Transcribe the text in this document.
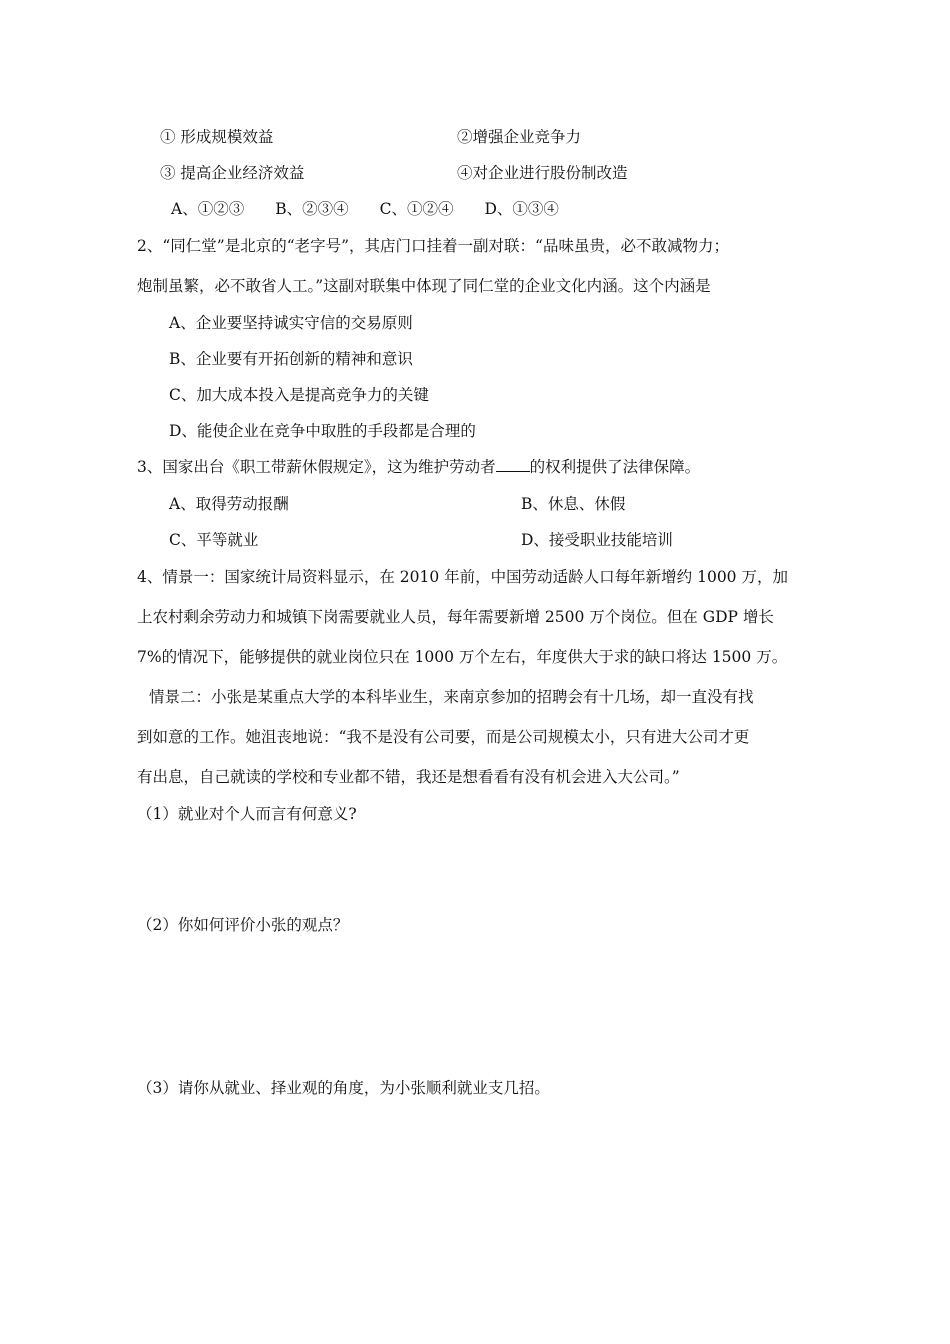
① 形成规模效益	②增强企业竞争力
③ 提高企业经济效益	④对企业进行股份制改造
A、①②③　　B、②③④　　C、①②④　　D、①③④
2、“同仁堂”是北京的“老字号”，其店门口挂着一副对联：“品味虽贵，必不敢减物力；
炮制虽繁，必不敢省人工。”这副对联集中体现了同仁堂的企业文化内涵。这个内涵是
A、企业要坚持诚实守信的交易原则
B、企业要有开拓创新的精神和意识
C、加大成本投入是提高竞争力的关键
D、能使企业在竞争中取胜的手段都是合理的
3、国家出台《职工带薪休假规定》，这为维护劳动者 的权利提供了法律保障。
A、取得劳动报酬	B、休息、休假
C、平等就业	D、接受职业技能培训
4、情景一：国家统计局资料显示，在 2010 年前，中国劳动适龄人口每年新增约 1000 万，加
上农村剩余劳动力和城镇下岗需要就业人员，每年需要新增 2500 万个岗位。但在 GDP 增长
7%的情况下，能够提供的就业岗位只在 1000 万个左右，年度供大于求的缺口将达 1500 万。
情景二：小张是某重点大学的本科毕业生，来南京参加的招聘会有十几场，却一直没有找
到如意的工作。她沮丧地说：“我不是没有公司要，而是公司规模太小，只有进大公司才更
有出息，自己就读的学校和专业都不错，我还是想看看有没有机会进入大公司。”
（1）就业对个人而言有何意义?
（2）你如何评价小张的观点？
（3）请你从就业、择业观的角度，为小张顺利就业支几招。
